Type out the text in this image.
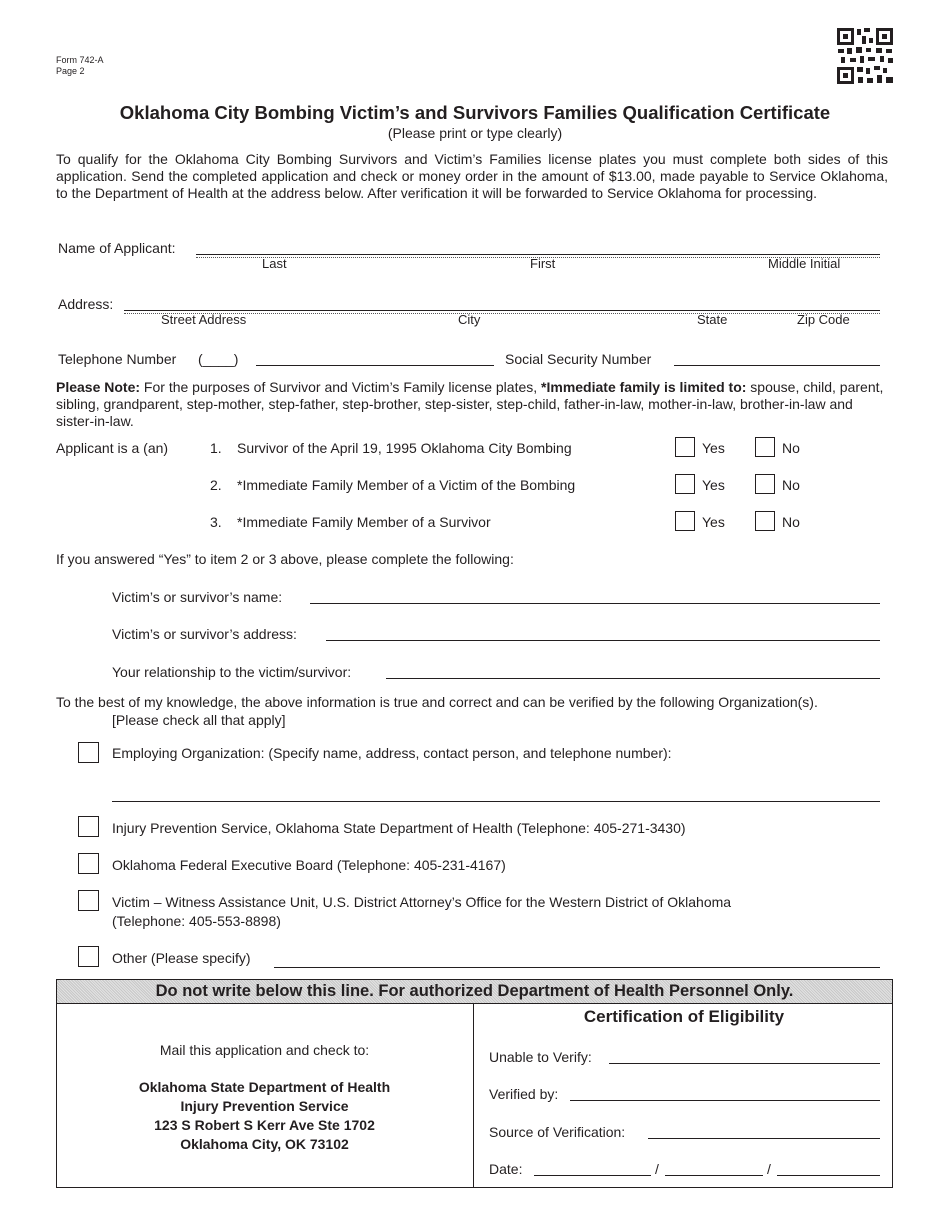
Form 742-A
Page 2
Oklahoma City Bombing Victim’s and Survivors Families Qualification Certificate
(Please print or type clearly)
To qualify for the Oklahoma City Bombing Survivors and Victim’s Families license plates you must complete both sides of this application. Send the completed application and check or money order in the amount of $13.00, made payable to Service Oklahoma, to the Department of Health at the address below. After verification it will be forwarded to Service Oklahoma for processing.
Name of Applicant:
Last	First	Middle Initial
Address:
Street Address	City	State	Zip Code
Telephone Number (____)	Social Security Number
Please Note: For the purposes of Survivor and Victim’s Family license plates, *Immediate family is limited to: spouse, child, parent, sibling, grandparent, step-mother, step-father, step-brother, step-sister, step-child, father-in-law, mother-in-law, brother-in-law and sister-in-law.
Applicant is a (an)	1. Survivor of the April 19, 1995 Oklahoma City Bombing	Yes	No
2. *Immediate Family Member of a Victim of the Bombing	Yes	No
3. *Immediate Family Member of a Survivor	Yes	No
If you answered “Yes” to item 2 or 3 above, please complete the following:
Victim’s or survivor’s name:
Victim’s or survivor’s address:
Your relationship to the victim/survivor:
To the best of my knowledge, the above information is true and correct and can be verified by the following Organization(s).
[Please check all that apply]
Employing Organization: (Specify name, address, contact person, and telephone number):
Injury Prevention Service, Oklahoma State Department of Health (Telephone: 405-271-3430)
Oklahoma Federal Executive Board (Telephone: 405-231-4167)
Victim – Witness Assistance Unit, U.S. District Attorney’s Office for the Western District of Oklahoma
(Telephone: 405-553-8898)
Other (Please specify)
Do not write below this line. For authorized Department of Health Personnel Only.
Mail this application and check to:
Oklahoma State Department of Health
Injury Prevention Service
123 S Robert S Kerr Ave Ste 1702
Oklahoma City, OK 73102
Certification of Eligibility
Unable to Verify:
Verified by:
Source of Verification:
Date:	/	/
